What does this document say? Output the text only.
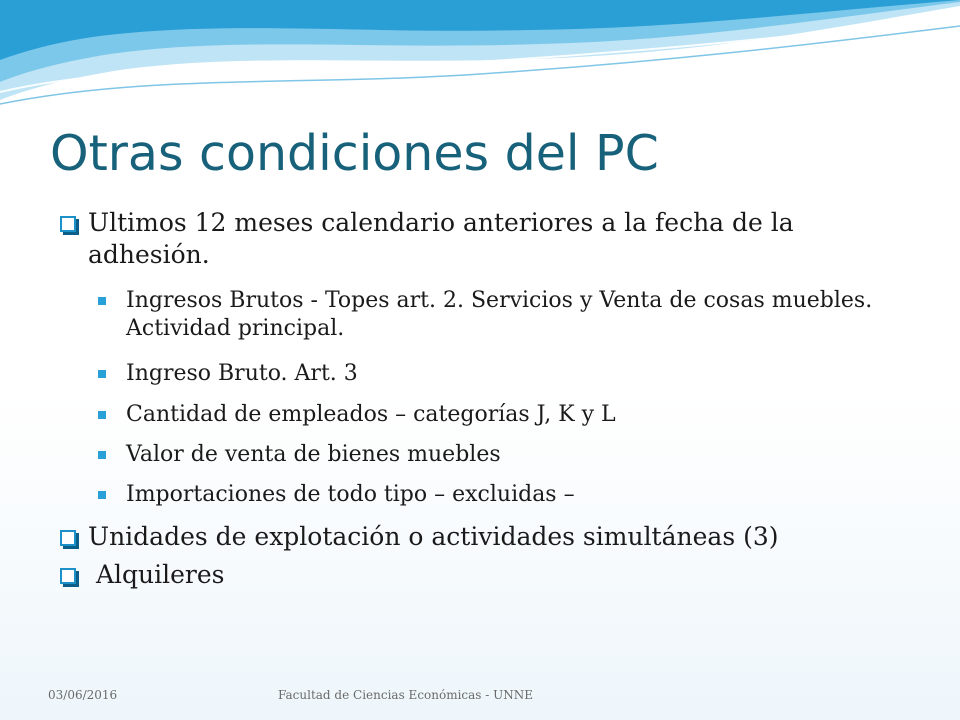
Otras condiciones del PC
Ultimos 12 meses calendario anteriores a la fecha de la adhesión.
Ingresos Brutos - Topes art. 2. Servicios y Venta de cosas muebles. Actividad principal.
Ingreso Bruto. Art. 3
Cantidad de empleados – categorías J, K y L
Valor de venta de bienes muebles
Importaciones de todo tipo – excluidas –
Unidades de explotación o actividades simultáneas (3)
Alquileres
03/06/2016	Facultad de Ciencias Económicas - UNNE
